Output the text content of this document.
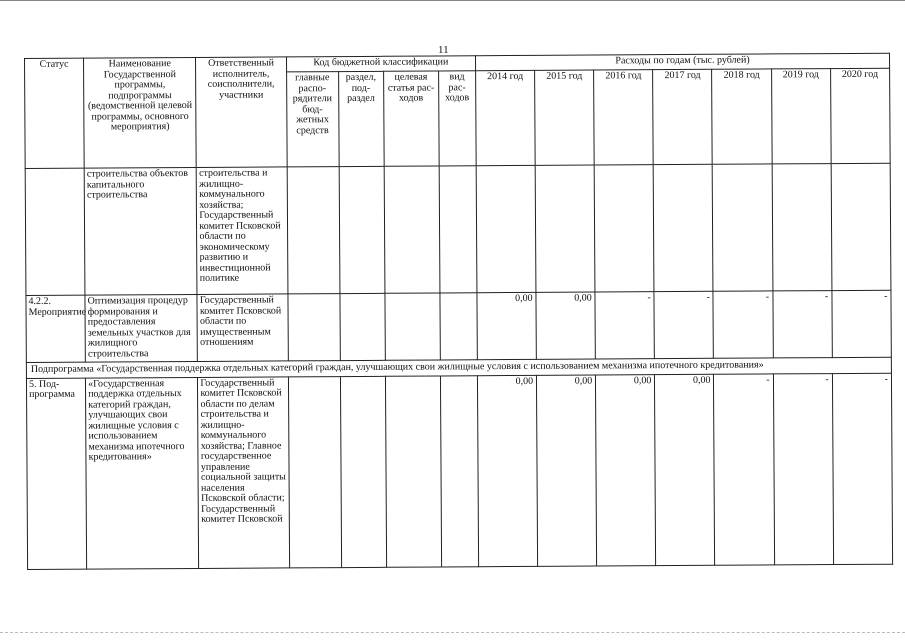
11
Статус	Наименование Государственной программы, подпрограммы (ведомственной целевой программы, основного мероприятия)	Ответственный исполнитель, соисполнители, участники	Код бюджетной классификации				Расходы по годам (тыс. рублей)						
			главные распо-рядители бюд-жетных средств	раздел, под-раздел	целевая статья рас-ходов	вид рас-ходов	2014 год	2015 год	2016 год	2017 год	2018 год	2019 год	2020 год
	строительства объектов капитального строительства	строительства и жилищно-коммунального хозяйства; Государственный комитет Псковской области по экономическому развитию и инвестиционной политике											
4.2.2. Мероприятие	Оптимизация процедур формирования и предоставления земельных участков для жилищного строительства	Государственный комитет Псковской области по имущественным отношениям					0,00	0,00	-	-	-	-	-
Подпрограмма «Государственная поддержка отдельных категорий граждан, улучшающих свои жилищные условия с использованием механизма ипотечного кредитования»													
5. Под-программа	«Государственная поддержка отдельных категорий граждан, улучшающих свои жилищные условия с использованием механизма ипотечного кредитования»	Государственный комитет Псковской области по делам строительства и жилищно-коммунального хозяйства; Главное государственное управление социальной защиты населения Псковской области; Государственный комитет Псковской					0,00	0,00	0,00	0,00	-	-	-
